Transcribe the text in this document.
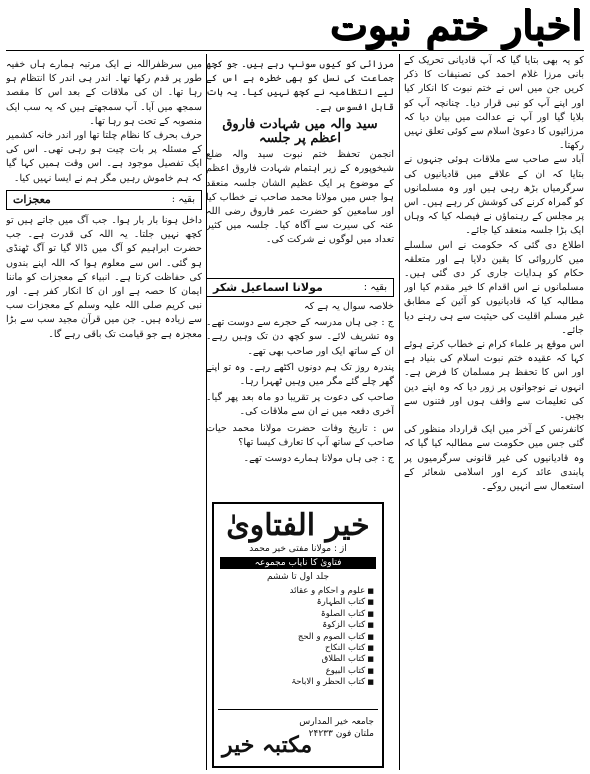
اخبار ختم نبوت

کو یہ بھی بتایا گیا کہ آپ قادیانی تحریک کے بانی مرزا غلام احمد کی تصنیفات کا ذکر کریں جن میں اس نے ختم نبوت کا انکار کیا اور اپنے آپ کو نبی قرار دیا۔ چنانچہ آپ کو بلایا گیا اور آپ نے عدالت میں بیان دیا کہ مرزائیوں کا دعویٰ اسلام سے کوئی تعلق نہیں رکھتا۔

آباد سے صاحب سے ملاقات ہوئی جنہوں نے بتایا کہ ان کے علاقے میں قادیانیوں کی سرگرمیاں بڑھ رہی ہیں اور وہ مسلمانوں کو گمراہ کرنے کی کوشش کر رہے ہیں۔ اس پر مجلس کے رہنماؤں نے فیصلہ کیا کہ وہاں ایک بڑا جلسہ منعقد کیا جائے۔

اطلاع دی گئی کہ حکومت نے اس سلسلے میں کارروائی کا یقین دلایا ہے اور متعلقہ حکام کو ہدایات جاری کر دی گئی ہیں۔ مسلمانوں نے اس اقدام کا خیر مقدم کیا اور مطالبہ کیا کہ قادیانیوں کو آئین کے مطابق غیر مسلم اقلیت کی حیثیت سے ہی رہنے دیا جائے۔

اس موقع پر علماء کرام نے خطاب کرتے ہوئے کہا کہ عقیدہ ختم نبوت اسلام کی بنیاد ہے اور اس کا تحفظ ہر مسلمان کا فرض ہے۔ انہوں نے نوجوانوں پر زور دیا کہ وہ اپنے دین کی تعلیمات سے واقف ہوں اور فتنوں سے بچیں۔

کانفرنس کے آخر میں ایک قرارداد منظور کی گئی جس میں حکومت سے مطالبہ کیا گیا کہ وہ قادیانیوں کی غیر قانونی سرگرمیوں پر پابندی عائد کرے اور اسلامی شعائر کے استعمال سے انہیں روکے۔

مرزائی کو کیوں سونپ رہے ہیں۔ جو کچھ جماعت کی نسل کو بھی خطرہ ہے اس کے لیے انتظامیہ نے کچھ نہیں کیا۔ یہ بات قابل افسوس ہے۔

سید والہ میں شہادت فاروق اعظم پر جلسہ

انجمن تحفظ ختم نبوت سید والہ ضلع شیخوپورہ کے زیر اہتمام شہادت فاروق اعظم کے موضوع پر ایک عظیم الشان جلسہ منعقد ہوا جس میں مولانا محمد صاحب نے خطاب کیا اور سامعین کو حضرت عمر فاروق رضی اللہ عنہ کی سیرت سے آگاہ کیا۔ جلسہ میں کثیر تعداد میں لوگوں نے شرکت کی۔

بقیہ :
مولانا اسماعیل شکر

خلاصہ سوال یہ ہے کہ

ج : جی ہاں مدرسہ کے حجرے سے دوست تھے۔ وہ تشریف لائے۔ سو کچھ دن تک وہیں رہے۔ ان کے ساتھ ایک اور صاحب بھی تھے۔

پندرہ روز تک ہم دونوں اکٹھے رہے۔ وہ تو اپنے گھر چلے گئے مگر میں وہیں ٹھہرا رہا۔

صاحب کی دعوت پر تقریبا دو ماہ بعد پھر گیا۔ آخری دفعہ میں نے ان سے ملاقات کی۔

س : تاریخ وفات حضرت مولانا محمد حیات صاحب کے ساتھ آپ کا تعارف کیسا تھا؟

ج : جی ہاں مولانا ہمارے دوست تھے۔

خیر الفتاویٰ
از : مولانا مفتی خیر محمد
فتاویٰ کا نایاب مجموعہ
جلد اول تا ششم
■ علوم و احکام و عقائد
■ کتاب الطہارۃ
■ کتاب الصلوۃ
■ کتاب الزکوۃ
■ کتاب الصوم و الحج
■ کتاب النکاح
■ کتاب الطلاق
■ کتاب البیوع
■ کتاب الحظر و الاباحۃ
جامعہ خیر المدارس
ملتان فون ۲۴۲۳۳
مکتبہ خیر

میں سرظفراللہ نے ایک مرتبہ ہمارے ہاں خفیہ طور پر قدم رکھا تھا۔ اندر ہی اندر کا انتظام ہو رہا تھا۔ ان کی ملاقات کے بعد اس کا مقصد سمجھ میں آیا۔ آپ سمجھتے ہیں کہ یہ سب ایک منصوبہ کے تحت ہو رہا تھا۔

حرف بحرف کا نظام چلتا تھا اور اندر خانہ کشمیر کے مسئلہ پر بات چیت ہو رہی تھی۔ اس کی ایک تفصیل موجود ہے۔ اس وقت ہمیں کہا گیا کہ ہم خاموش رہیں مگر ہم نے ایسا نہیں کیا۔

بقیہ :
معجزات

داخل ہونا بار بار ہوا۔ جب آگ میں جاتے ہیں تو کچھ نہیں جلتا۔ یہ اللہ کی قدرت ہے۔ جب حضرت ابراہیم کو آگ میں ڈالا گیا تو آگ ٹھنڈی ہو گئی۔ اس سے معلوم ہوا کہ اللہ اپنے بندوں کی حفاظت کرتا ہے۔ انبیاء کے معجزات کو ماننا ایمان کا حصہ ہے اور ان کا انکار کفر ہے۔ اور نبی کریم صلی اللہ علیہ وسلم کے معجزات سب سے زیادہ ہیں۔ جن میں قرآن مجید سب سے بڑا معجزہ ہے جو قیامت تک باقی رہے گا۔
